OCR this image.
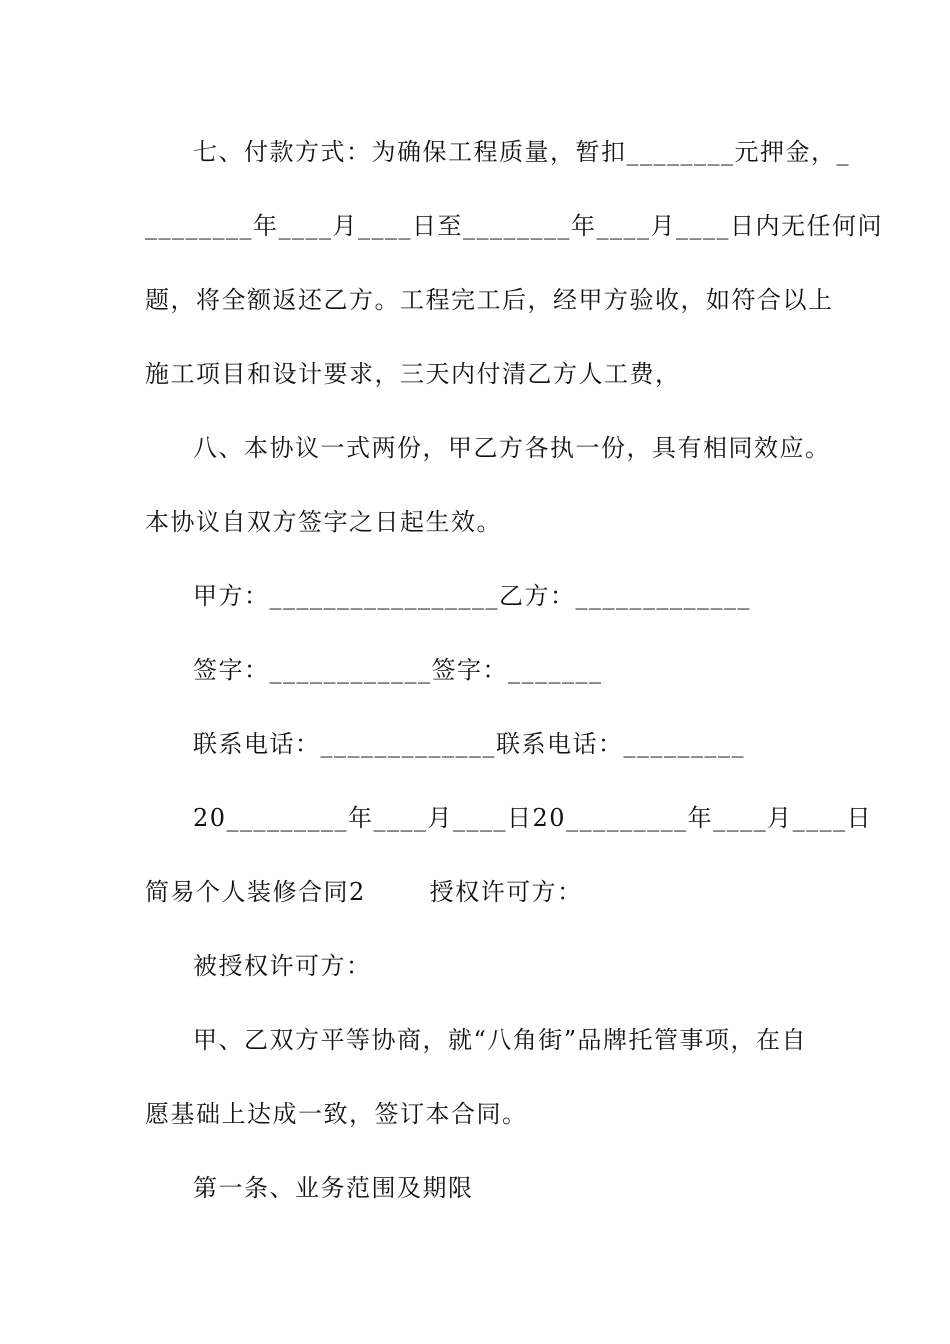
七、付款方式：为确保工程质量，暂扣________元押金，_
________年____月____日至________年____月____日内无任何问
题，将全额返还乙方。工程完工后，经甲方验收，如符合以上
施工项目和设计要求，三天内付清乙方人工费，
八、本协议一式两份，甲乙方各执一份，具有相同效应。
本协议自双方签字之日起生效。
甲方：_________________乙方：_____________
签字：____________签字：_______
联系电话：_____________联系电话：_________
20_________年____月____日20_________年____月____日
简易个人装修合同2       授权许可方：
被授权许可方：
甲、乙双方平等协商，就“八角街”品牌托管事项，在自
愿基础上达成一致，签订本合同。
第一条、业务范围及期限
